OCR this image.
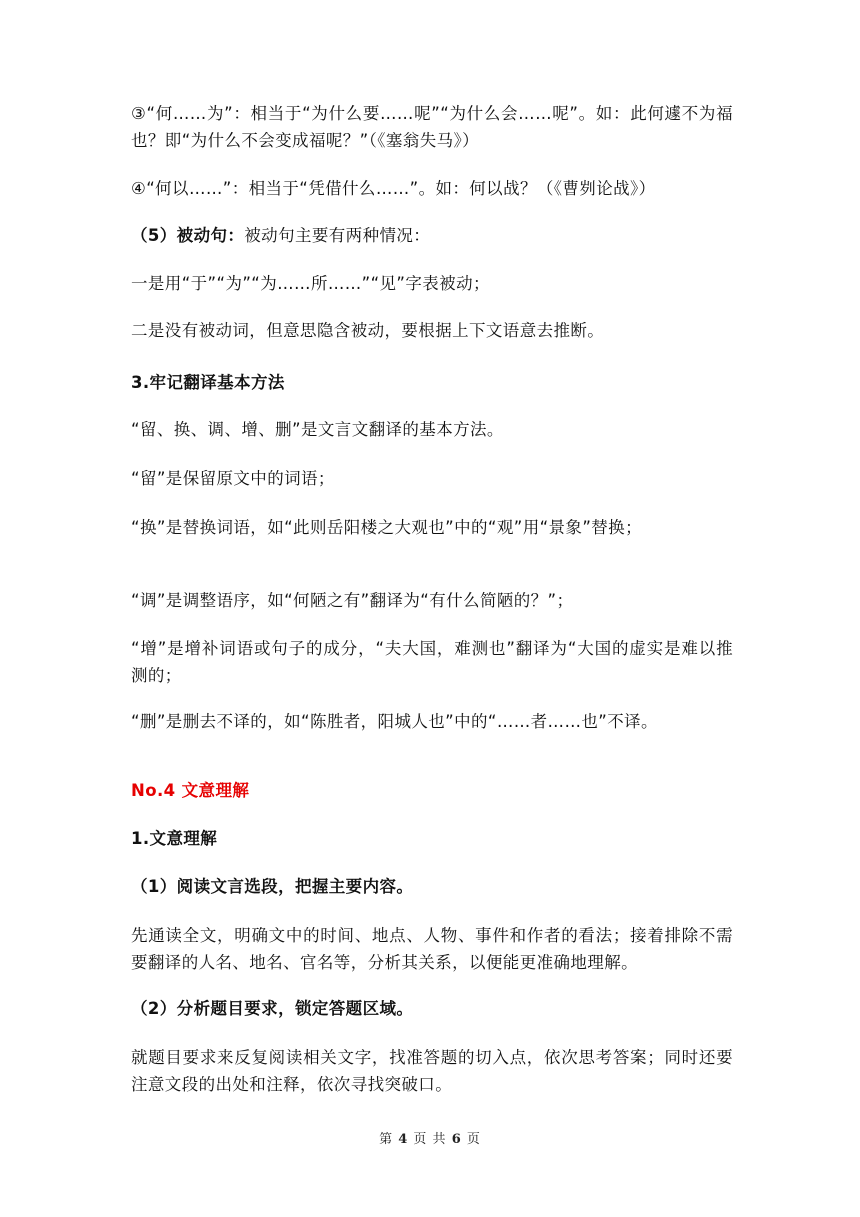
③“何……为”：相当于“为什么要……呢”“为什么会……呢”。如：此何遽不为福也？即“为什么不会变成福呢？”（《塞翁失马》）

④“何以……”：相当于“凭借什么……”。如：何以战？（《曹刿论战》）

（5）被动句：被动句主要有两种情况：

一是用“于”“为”“为……所……”“见”字表被动；

二是没有被动词，但意思隐含被动，要根据上下文语意去推断。

3.牢记翻译基本方法

“留、换、调、增、删”是文言文翻译的基本方法。

“留”是保留原文中的词语；

“换”是替换词语，如“此则岳阳楼之大观也”中的“观”用“景象”替换；

“调”是调整语序，如“何陋之有”翻译为“有什么简陋的？”；

“增”是增补词语或句子的成分，“夫大国，难测也”翻译为“大国的虚实是难以推测的；

“删”是删去不译的，如“陈胜者，阳城人也”中的“……者……也”不译。

No.4 文意理解

1.文意理解

（1）阅读文言选段，把握主要内容。

先通读全文，明确文中的时间、地点、人物、事件和作者的看法；接着排除不需要翻译的人名、地名、官名等，分析其关系，以便能更准确地理解。

（2）分析题目要求，锁定答题区域。

就题目要求来反复阅读相关文字，找准答题的切入点，依次思考答案；同时还要注意文段的出处和注释，依次寻找突破口。

第 4 页 共 6 页
